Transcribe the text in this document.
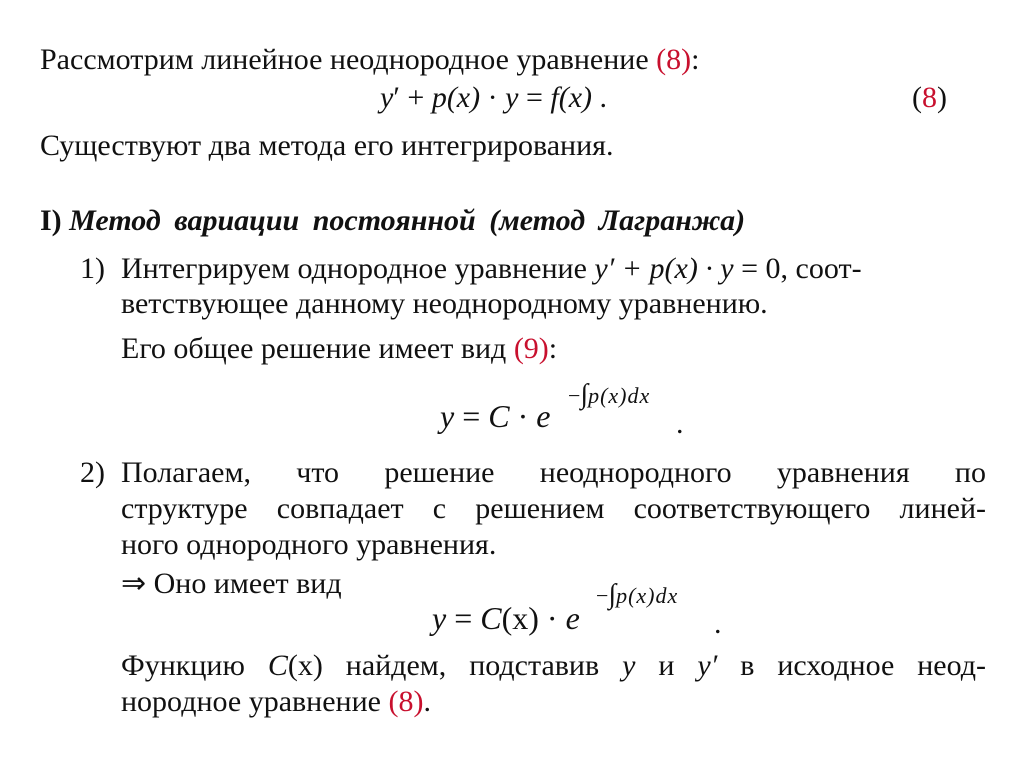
Рассмотрим линейное неоднородное уравнение (8):
y′ + p(x) · y = f(x) .	(8)
Существуют два метода его интегрирования.
I) Метод вариации постоянной (метод Лагранжа)
1) Интегрируем однородное уравнение y′ + p(x) · y = 0, соот-
ветствующее данному неоднородному уравнению.
Его общее решение имеет вид (9):
y = C · e
−∫p(x)dx
.
2) Полагаем, что решение неоднородного уравнения по
структуре совпадает с решением соответствующего линей-
ного однородного уравнения.
⇒ Оно имеет вид
y = C(x) · e
−∫p(x)dx
.
Функцию C(x) найдем, подставив y и y′ в исходное неод-
нородное уравнение (8).
